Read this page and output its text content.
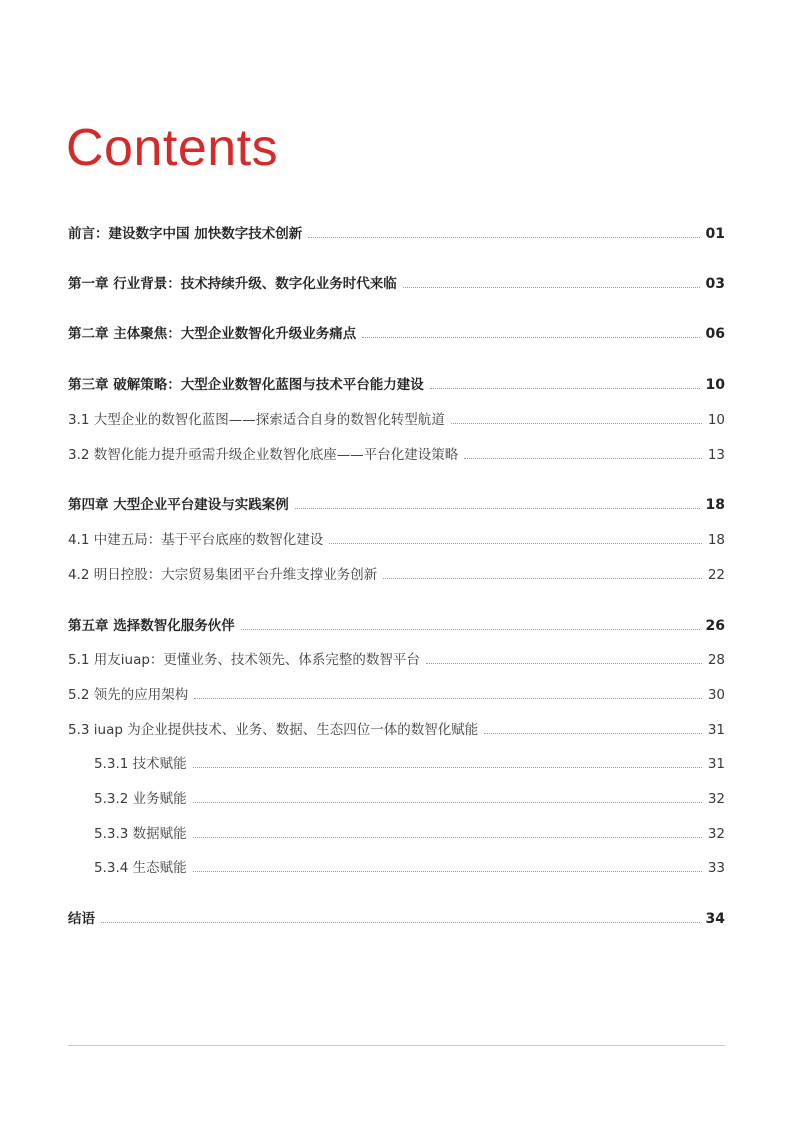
Contents
前言：建设数字中国 加快数字技术创新	01
第一章 行业背景：技术持续升级、数字化业务时代来临	03
第二章 主体聚焦：大型企业数智化升级业务痛点	06
第三章 破解策略：大型企业数智化蓝图与技术平台能力建设	10
3.1 大型企业的数智化蓝图——探索适合自身的数智化转型航道	10
3.2 数智化能力提升亟需升级企业数智化底座——平台化建设策略	13
第四章 大型企业平台建设与实践案例	18
4.1 中建五局：基于平台底座的数智化建设	18
4.2 明日控股：大宗贸易集团平台升维支撑业务创新	22
第五章 选择数智化服务伙伴	26
5.1 用友iuap：更懂业务、技术领先、体系完整的数智平台	28
5.2 领先的应用架构	30
5.3 iuap 为企业提供技术、业务、数据、生态四位一体的数智化赋能	31
5.3.1 技术赋能	31
5.3.2 业务赋能	32
5.3.3 数据赋能	32
5.3.4 生态赋能	33
结语	34
